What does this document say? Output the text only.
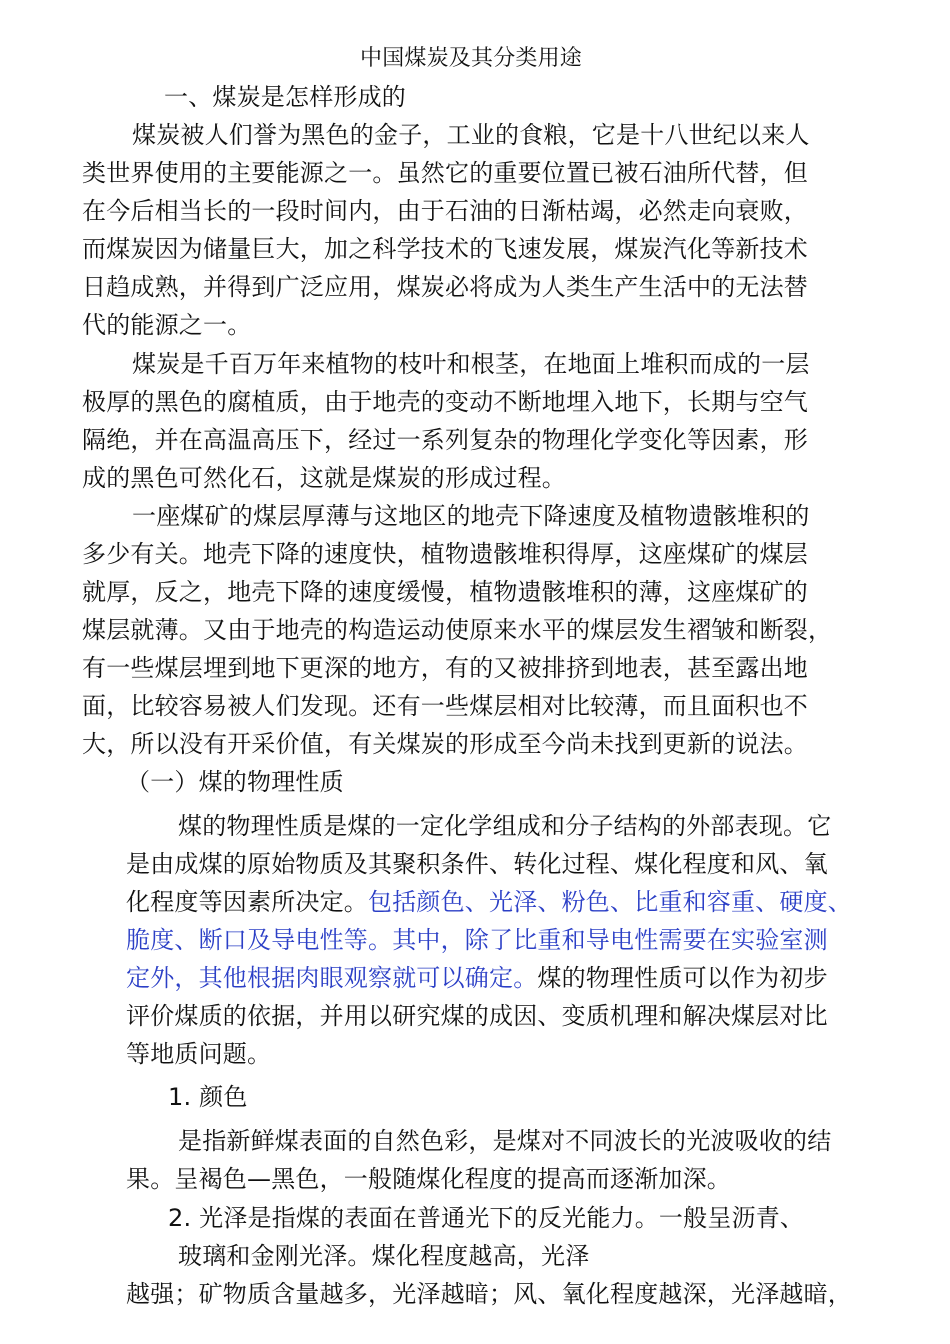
中国煤炭及其分类用途

一、煤炭是怎样形成的

煤炭被人们誉为黑色的金子，工业的食粮，它是十八世纪以来人

类世界使用的主要能源之一。虽然它的重要位置已被石油所代替，但

在今后相当长的一段时间内，由于石油的日渐枯竭，必然走向衰败，

而煤炭因为储量巨大，加之科学技术的飞速发展，煤炭汽化等新技术

日趋成熟，并得到广泛应用，煤炭必将成为人类生产生活中的无法替

代的能源之一。

煤炭是千百万年来植物的枝叶和根茎，在地面上堆积而成的一层

极厚的黑色的腐植质，由于地壳的变动不断地埋入地下，长期与空气

隔绝，并在高温高压下，经过一系列复杂的物理化学变化等因素，形

成的黑色可然化石，这就是煤炭的形成过程。

一座煤矿的煤层厚薄与这地区的地壳下降速度及植物遗骸堆积的

多少有关。地壳下降的速度快，植物遗骸堆积得厚，这座煤矿的煤层

就厚，反之，地壳下降的速度缓慢，植物遗骸堆积的薄，这座煤矿的

煤层就薄。又由于地壳的构造运动使原来水平的煤层发生褶皱和断裂，

有一些煤层埋到地下更深的地方，有的又被排挤到地表，甚至露出地

面，比较容易被人们发现。还有一些煤层相对比较薄，而且面积也不

大，所以没有开采价值，有关煤炭的形成至今尚未找到更新的说法。

（一）煤的物理性质

煤的物理性质是煤的一定化学组成和分子结构的外部表现。它

是由成煤的原始物质及其聚积条件、转化过程、煤化程度和风、氧

化程度等因素所决定。包括颜色、光泽、粉色、比重和容重、硬度、

脆度、断口及导电性等。其中，除了比重和导电性需要在实验室测

定外，其他根据肉眼观察就可以确定。煤的物理性质可以作为初步

评价煤质的依据，并用以研究煤的成因、变质机理和解决煤层对比

等地质问题。

1. 颜色

是指新鲜煤表面的自然色彩，是煤对不同波长的光波吸收的结

果。呈褐色—黑色，一般随煤化程度的提高而逐渐加深。

2. 光泽是指煤的表面在普通光下的反光能力。一般呈沥青、

玻璃和金刚光泽。煤化程度越高，光泽

越强；矿物质含量越多，光泽越暗；风、氧化程度越深，光泽越暗，
